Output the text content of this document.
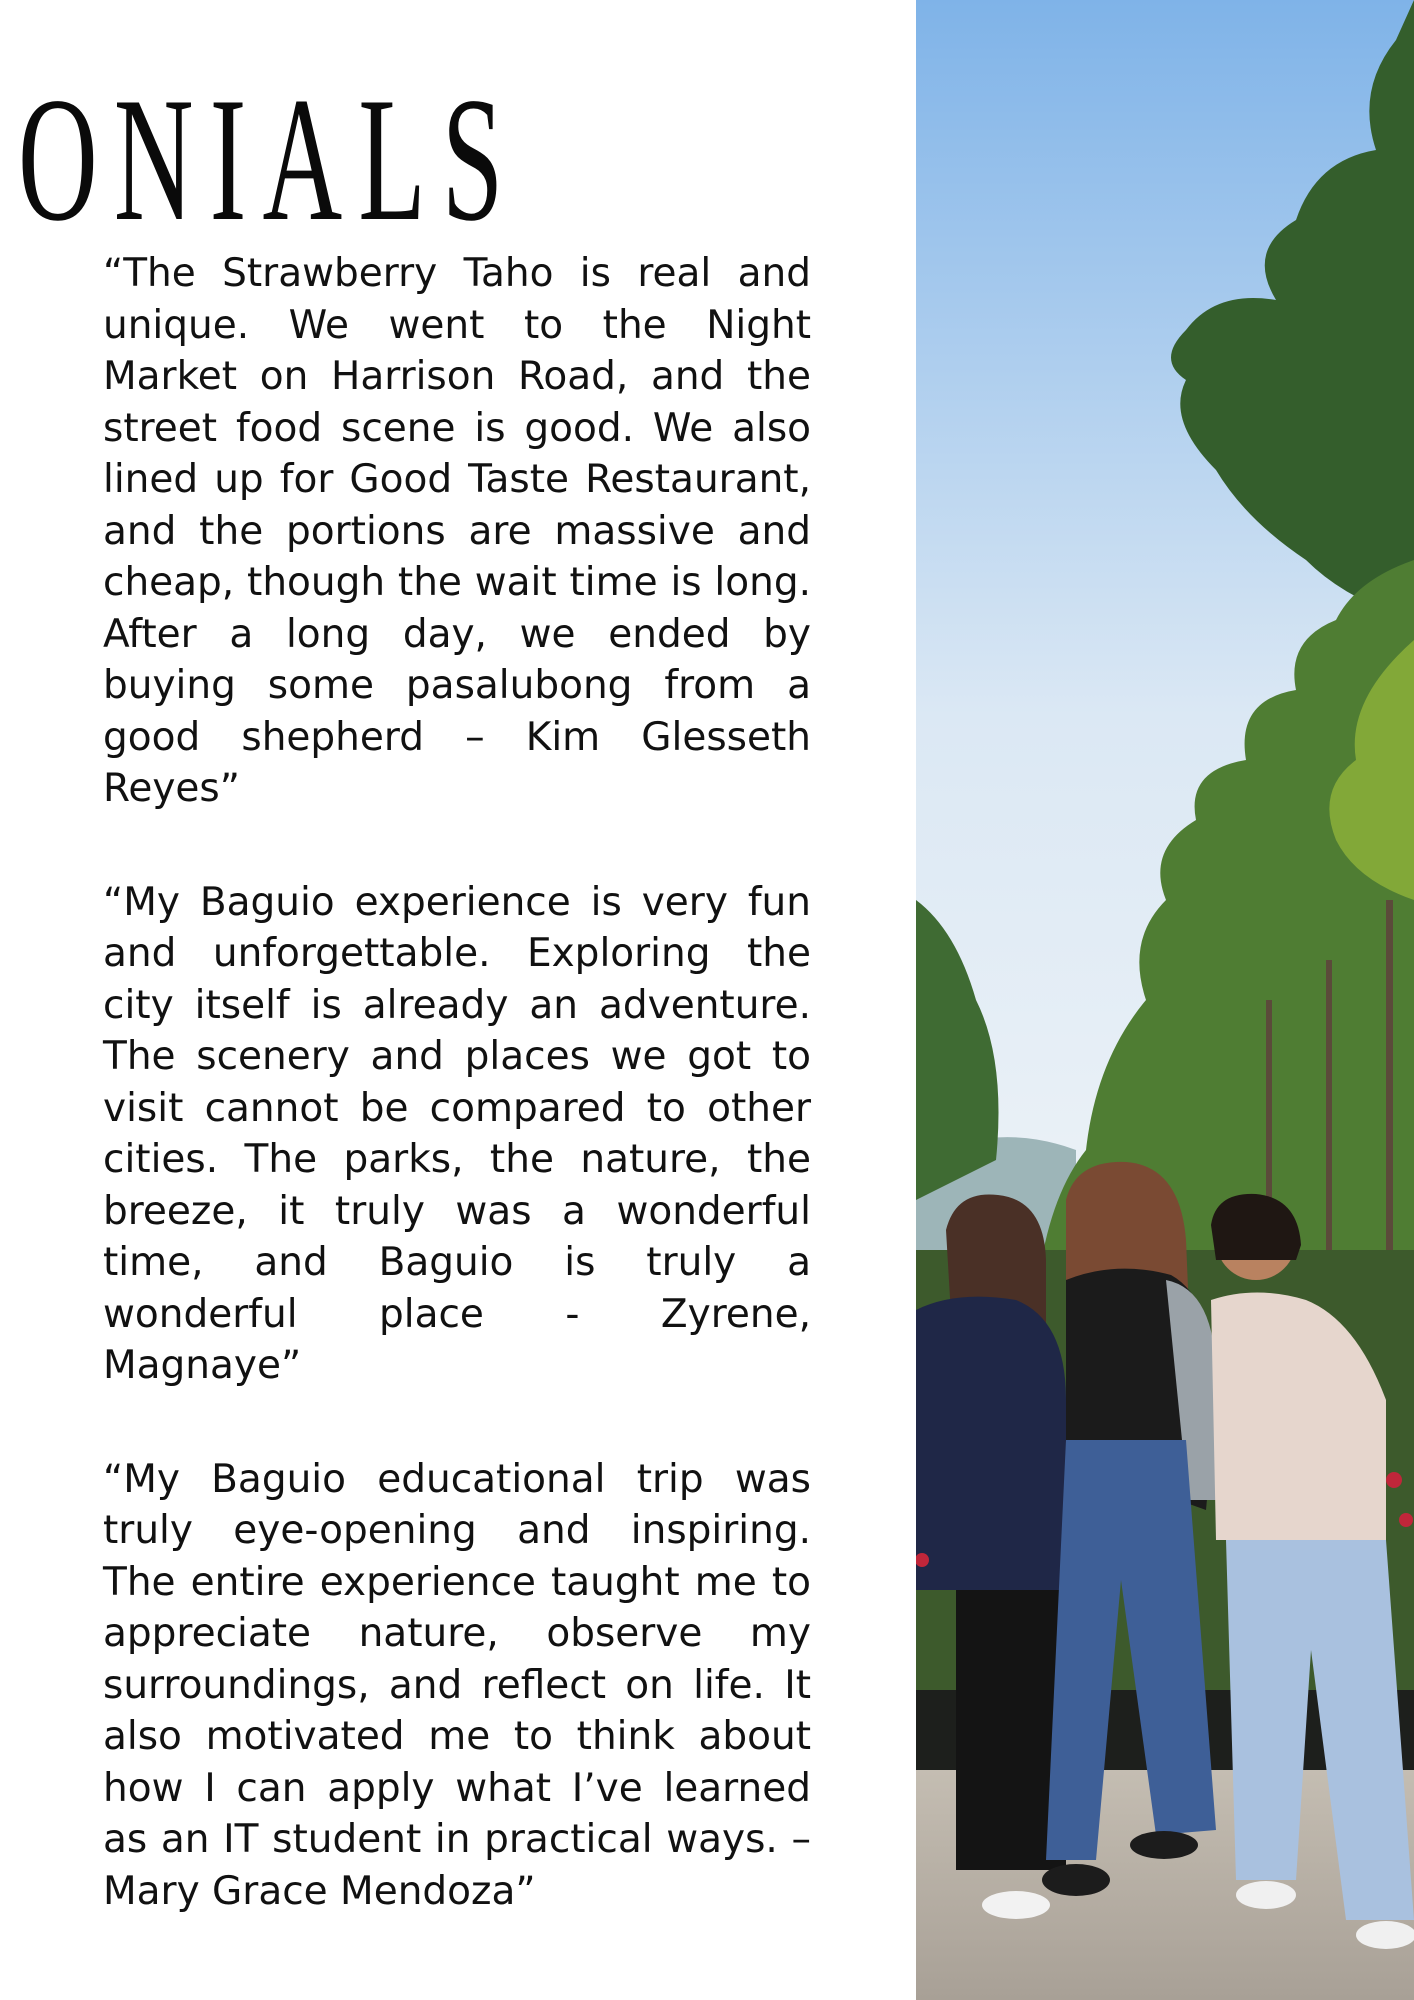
ONIALS

“The Strawberry Taho is real and unique. We went to the Night Market on Harrison Road, and the street food scene is good. We also lined up for Good Taste Restaurant, and the portions are massive and cheap, though the wait time is long. After a long day, we ended by buying some pasalubong from a good shepherd – Kim Glesseth Reyes”

“My Baguio experience is very fun and unforgettable. Exploring the city itself is already an adventure. The scenery and places we got to visit cannot be compared to other cities. The parks, the nature, the breeze, it truly was a wonderful time, and Baguio is truly a wonderful place - Zyrene, Magnaye”

“My Baguio educational trip was truly eye-opening and inspiring. The entire experience taught me to appreciate nature, observe my surroundings, and reflect on life. It also motivated me to think about how I can apply what I’ve learned as an IT student in practical ways. – Mary Grace Mendoza”
